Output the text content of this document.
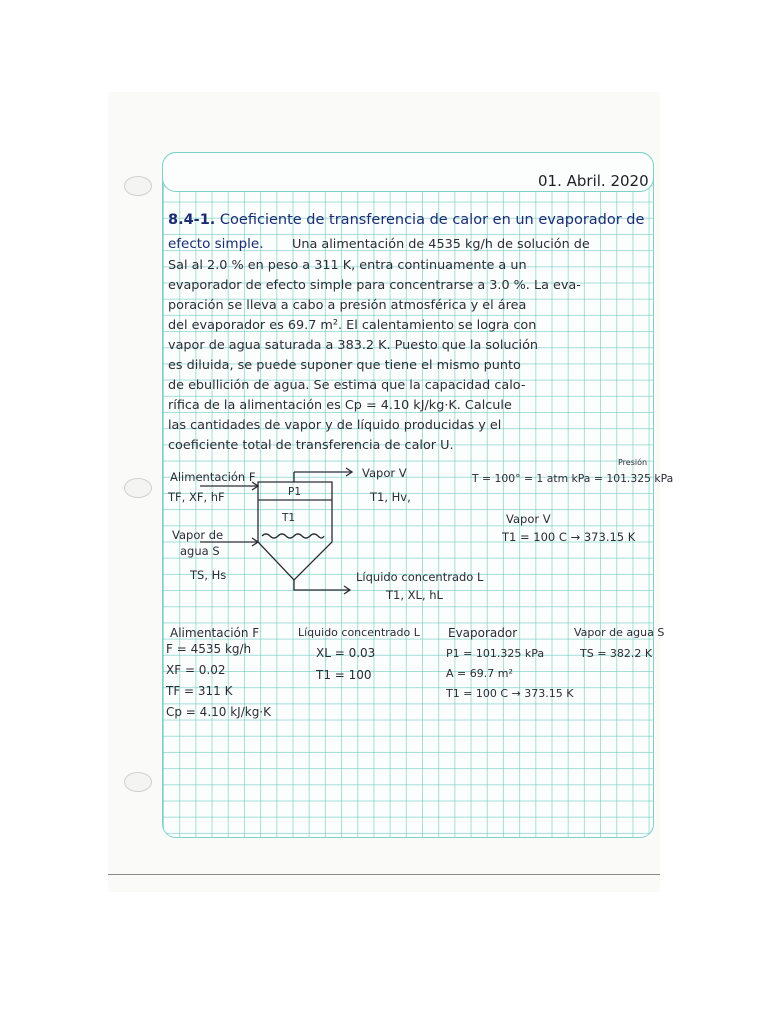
01. Abril. 2020
8.4-1. Coeficiente de transferencia de calor en un evaporador de
efecto simple. Una alimentación de 4535 kg/h de solución de
Sal al 2.0 % en peso a 311 K, entra continuamente a un
evaporador de efecto simple para concentrarse a 3.0 %. La eva-
poración se lleva a cabo a presión atmosférica y el área
del evaporador es 69.7 m². El calentamiento se logra con
vapor de agua saturada a 383.2 K. Puesto que la solución
es diluida, se puede suponer que tiene el mismo punto
de ebullición de agua. Se estima que la capacidad calo-
rífica de la alimentación es Cp = 4.10 kJ/kg·K. Calcule
las cantidades de vapor y de líquido producidas y el
coeficiente total de transferencia de calor U.
Alimentación F
TF, XF, hF
Vapor V
T1, Hv,
P1
T1
Vapor de
agua S
TS, Hs	Líquido concentrado L
T1, XL, hL
Presión
T = 100° = 1 atm kPa = 101.325 kPa
Vapor V
T1 = 100 C → 373.15 K
Alimentación F
F = 4535 kg/h
XF = 0.02
TF = 311 K
Cp = 4.10 kJ/kg·K
Líquido concentrado L
XL = 0.03
T1 = 100
Evaporador
P1 = 101.325 kPa
A = 69.7 m²
T1 = 100 C → 373.15 K
Vapor de agua S
TS = 382.2 K
